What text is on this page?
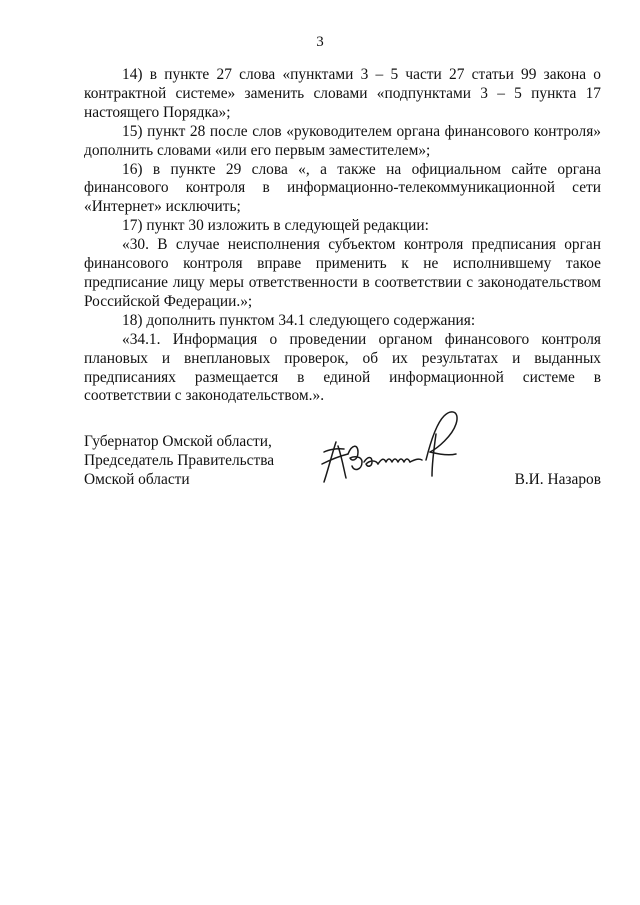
3

14) в пункте 27 слова «пунктами 3 – 5 части 27 статьи 99 закона о контрактной системе» заменить словами «подпунктами 3 – 5 пункта 17 настоящего Порядка»;

15) пункт 28 после слов «руководителем органа финансового контроля» дополнить словами «или его первым заместителем»;

16) в пункте 29 слова «, а также на официальном сайте органа финансового контроля в информационно-телекоммуникационной сети «Интернет» исключить;

17) пункт 30 изложить в следующей редакции:

«30. В случае неисполнения субъектом контроля предписания орган финансового контроля вправе применить к не исполнившему такое предписание лицу меры ответственности в соответствии с законодательством Российской Федерации.»;

18) дополнить пунктом 34.1 следующего содержания:

«34.1. Информация о проведении органом финансового контроля плановых и внеплановых проверок, об их результатах и выданных предписаниях размещается в единой информационной системе в соответствии с законодательством.».

Губернатор Омской области,
Председатель Правительства
Омской области	В.И. Назаров
